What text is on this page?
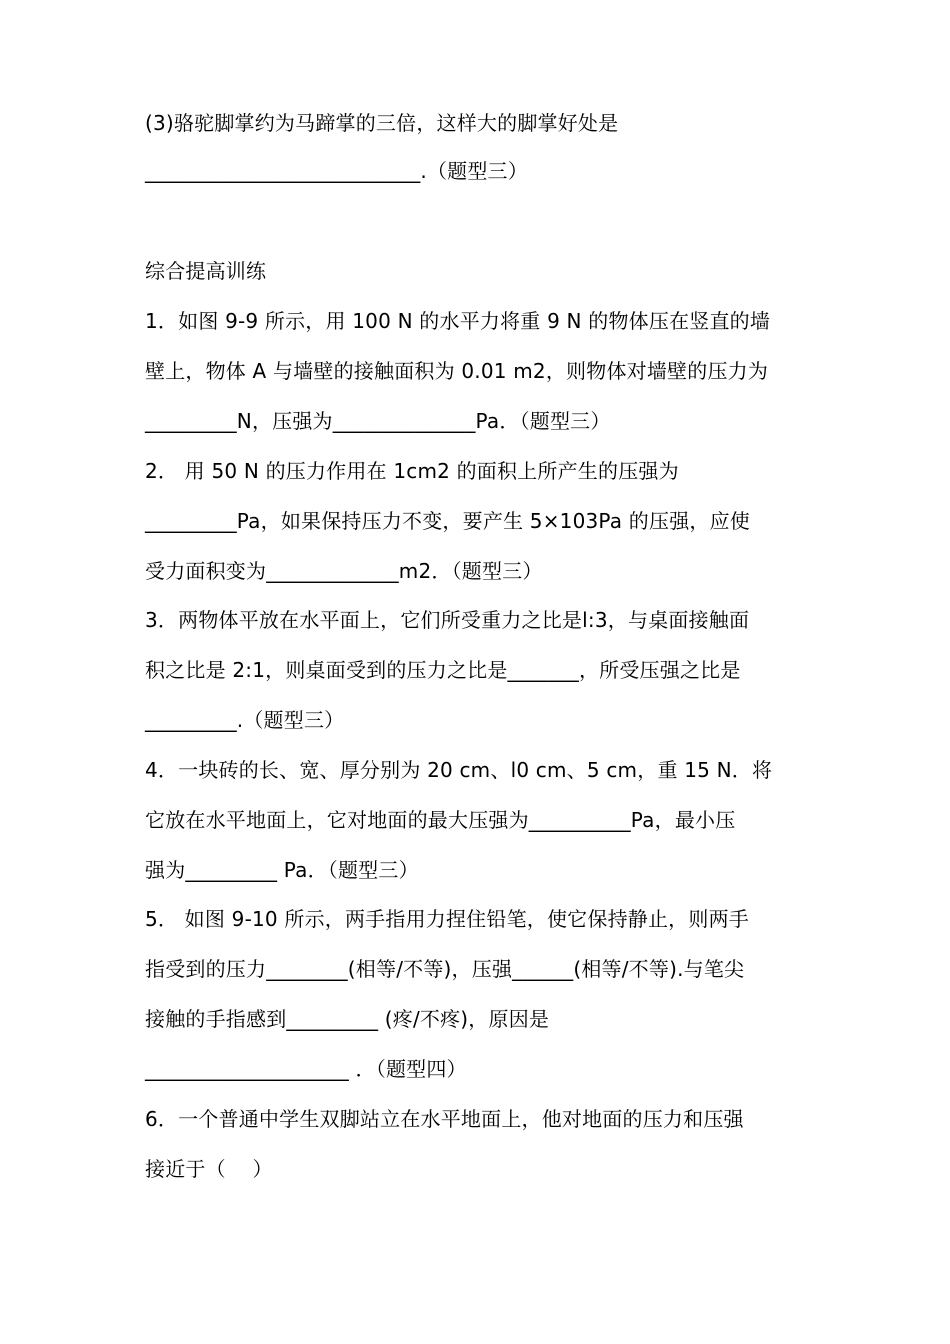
(3)骆驼脚掌约为马蹄掌的三倍，这样大的脚掌好处是
___________________________.（题型三）
综合提高训练
1．如图 9-9 所示，用 100 N 的水平力将重 9 N 的物体压在竖直的墙
壁上，物体 A 与墙壁的接触面积为 0.01 m2，则物体对墙壁的压力为
_________N，压强为______________Pa．（题型三）
2． 用 50 N 的压力作用在 1cm2 的面积上所产生的压强为
_________Pa，如果保持压力不变，要产生 5×103Pa 的压强，应使
受力面积变为_____________m2．（题型三）
3．两物体平放在水平面上，它们所受重力之比是l:3，与桌面接触面
积之比是 2:1，则桌面受到的压力之比是_______，所受压强之比是
_________.（题型三）
4．一块砖的长、宽、厚分别为 20 cm、l0 cm、5 cm，重 15 N．将
它放在水平地面上，它对地面的最大压强为__________Pa，最小压
强为_________ Pa．（题型三）
5． 如图 9-10 所示，两手指用力捏住铅笔，使它保持静止，则两手
指受到的压力________(相等/不等)，压强______(相等/不等).与笔尖
接触的手指感到_________ (疼/不疼)，原因是
____________________ ．（题型四）
6．一个普通中学生双脚站立在水平地面上，他对地面的压力和压强
接近于（　 ）
